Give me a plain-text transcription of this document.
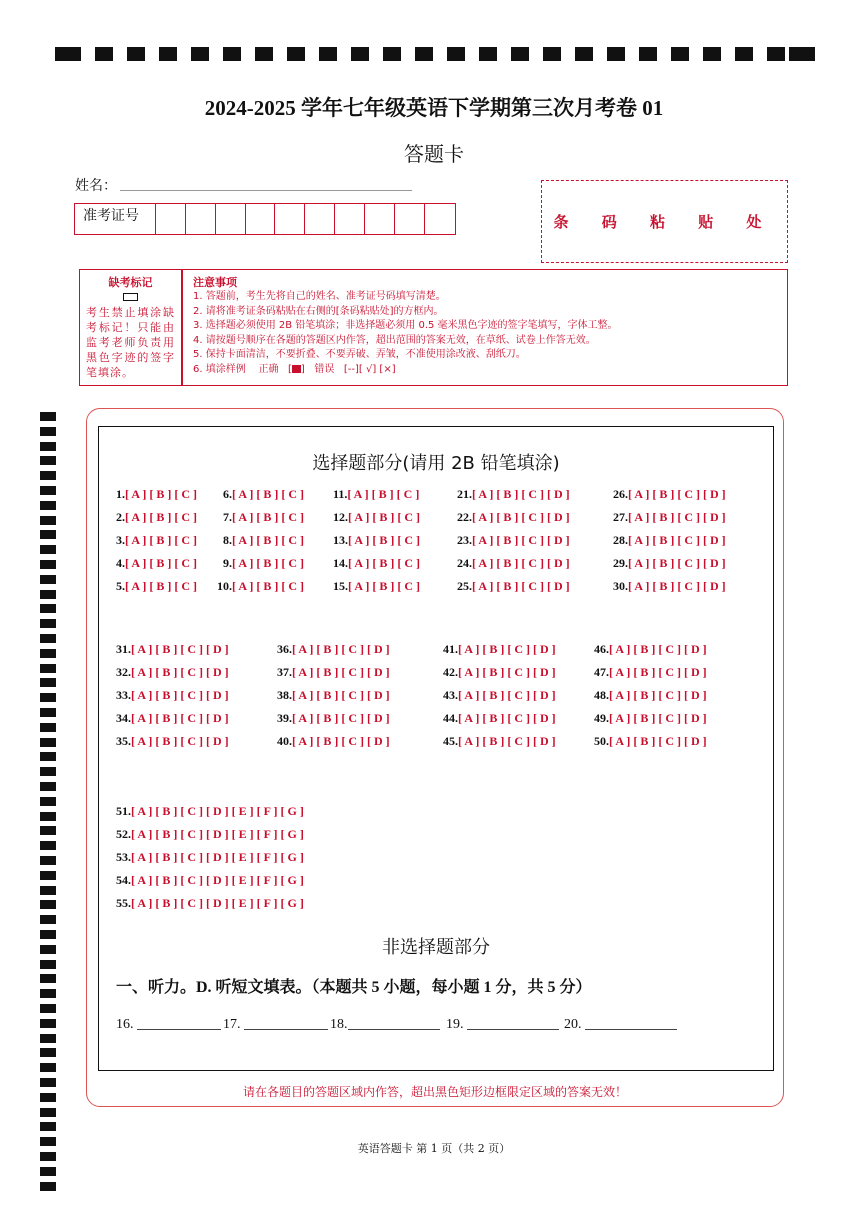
2024-2025 学年七年级英语下学期第三次月考卷 01
答题卡
姓名：
准考证号	条 码 粘 贴 处
缺考标记
考生禁止填涂缺考标记！只能由监考老师负责用黑色字迹的签字笔填涂。
注意事项
1. 答题前，考生先将自己的姓名、准考证号码填写清楚。
2. 请将准考证条码粘贴在右侧的[条码粘贴处]的方框内。
3. 选择题必须使用 2B 铅笔填涂；非选择题必须用 0.5 毫米黑色字迹的签字笔填写，字体工整。
4. 请按题号顺序在各题的答题区内作答，超出范围的答案无效，在草纸、试卷上作答无效。
5. 保持卡面清洁，不要折叠、不要弄破、弄皱，不准使用涂改液、刮纸刀。
6. 填涂样例 正确   [ ]   错误 [--][ √] [×]
选择题部分(请用 2B 铅笔填涂)
1.[ A ] [ B ] [ C ] 6.[ A ] [ B ] [ C ] 11.[ A ] [ B ] [ C ]	21.[ A ] [ B ] [ C ] [ D ]	26.[ A ] [ B ] [ C ] [ D ]
2.[ A ] [ B ] [ C ] 7.[ A ] [ B ] [ C ] 12.[ A ] [ B ] [ C ]	22.[ A ] [ B ] [ C ] [ D ]	27.[ A ] [ B ] [ C ] [ D ]
3.[ A ] [ B ] [ C ] 8.[ A ] [ B ] [ C ] 13.[ A ] [ B ] [ C ]	23.[ A ] [ B ] [ C ] [ D ]	28.[ A ] [ B ] [ C ] [ D ]
4.[ A ] [ B ] [ C ] 9.[ A ] [ B ] [ C ] 14.[ A ] [ B ] [ C ]	24.[ A ] [ B ] [ C ] [ D ]	29.[ A ] [ B ] [ C ] [ D ]
5.[ A ] [ B ] [ C ] 10.[ A ] [ B ] [ C ] 15.[ A ] [ B ] [ C ]	25.[ A ] [ B ] [ C ] [ D ]	30.[ A ] [ B ] [ C ] [ D ]
31.[ A ] [ B ] [ C ] [ D ]	36.[ A ] [ B ] [ C ] [ D ]	41.[ A ] [ B ] [ C ] [ D ]	46.[ A ] [ B ] [ C ] [ D ]
32.[ A ] [ B ] [ C ] [ D ]	37.[ A ] [ B ] [ C ] [ D ]	42.[ A ] [ B ] [ C ] [ D ]	47.[ A ] [ B ] [ C ] [ D ]
33.[ A ] [ B ] [ C ] [ D ]	38.[ A ] [ B ] [ C ] [ D ]	43.[ A ] [ B ] [ C ] [ D ]	48.[ A ] [ B ] [ C ] [ D ]
34.[ A ] [ B ] [ C ] [ D ]	39.[ A ] [ B ] [ C ] [ D ]	44.[ A ] [ B ] [ C ] [ D ]	49.[ A ] [ B ] [ C ] [ D ]
35.[ A ] [ B ] [ C ] [ D ]	40.[ A ] [ B ] [ C ] [ D ]	45.[ A ] [ B ] [ C ] [ D ]	50.[ A ] [ B ] [ C ] [ D ]
51.[ A ] [ B ] [ C ] [ D ] [ E ] [ F ] [ G ]
52.[ A ] [ B ] [ C ] [ D ] [ E ] [ F ] [ G ]
53.[ A ] [ B ] [ C ] [ D ] [ E ] [ F ] [ G ]
54.[ A ] [ B ] [ C ] [ D ] [ E ] [ F ] [ G ]
55.[ A ] [ B ] [ C ] [ D ] [ E ] [ F ] [ G ]
非选择题部分
一、听力。D. 听短文填表。（本题共 5 小题，每小题 1 分，共 5 分）
16.	17.	18.	19.	20.
请在各题目的答题区域内作答，超出黑色矩形边框限定区域的答案无效！
英语答题卡 第 1 页（共 2 页）
